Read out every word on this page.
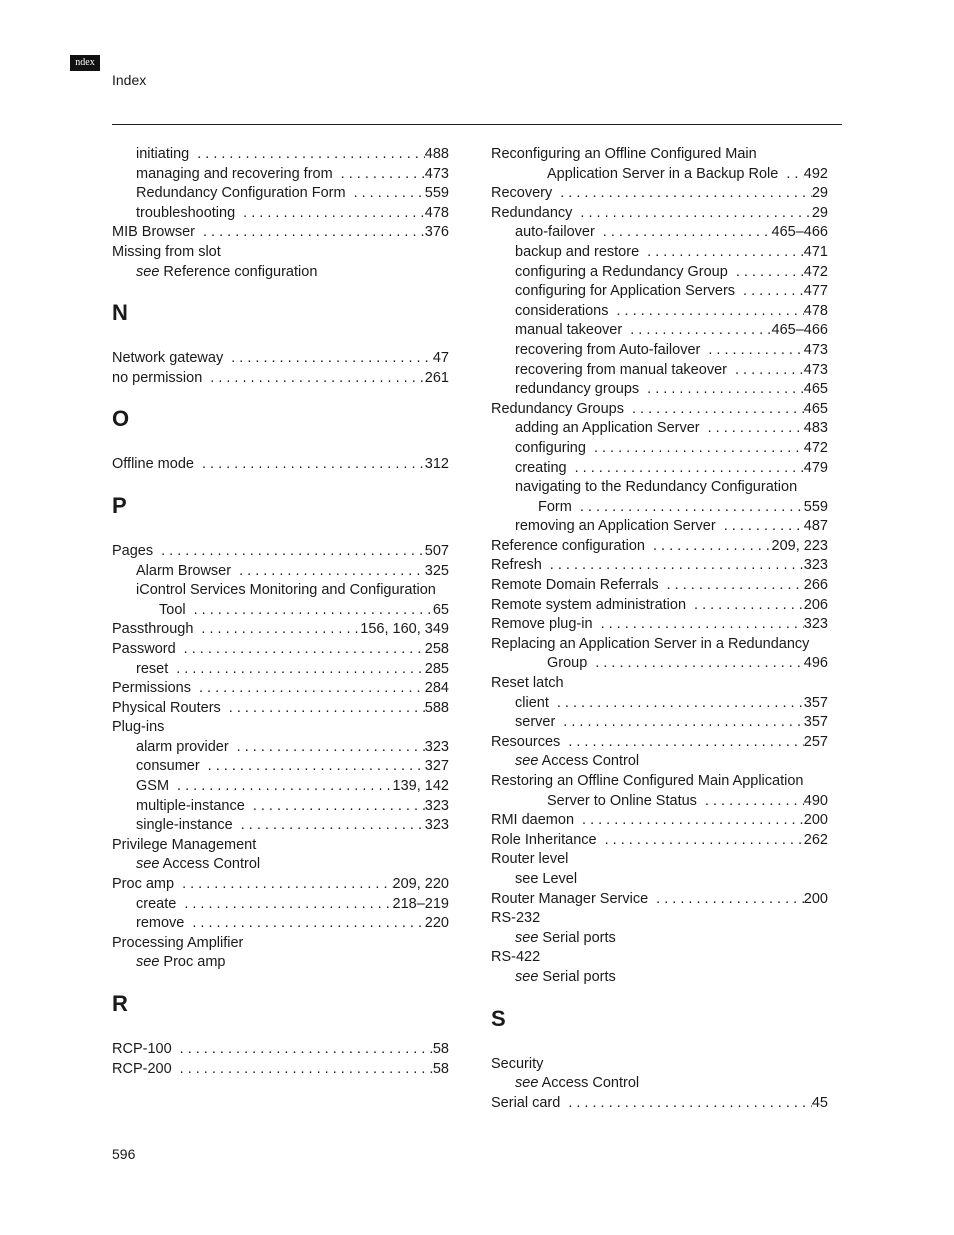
ndex
Index
initiating . . .	488
managing and recovering from . . .	473
Redundancy Configuration Form . . .	559
troubleshooting . . .	478
MIB Browser . . .	376
Missing from slot
see Reference configuration
N
Network gateway . . .	47
no permission . . .	261
O
Offline mode . . .	312
P
Pages . . .	507
Alarm Browser . . .	325
iControl Services Monitoring and Configuration
Tool . . .	65
Passthrough . . .	156, 160, 349
Password . . .	258
reset . . .	285
Permissions . . .	284
Physical Routers . . .	588
Plug-ins
alarm provider . . .	323
consumer . . .	327
GSM . . .	139, 142
multiple-instance . . .	323
single-instance . . .	323
Privilege Management
see Access Control
Proc amp . . .	209, 220
create . . .	218–219
remove . . .	220
Processing Amplifier
see Proc amp
R
RCP-100 . . .	58
RCP-200 . . .	58
Reconfiguring an Offline Configured Main
Application Server in a Backup Role . . . 492
Recovery . . .	29
Redundancy . . .	29
auto-failover . . .	465–466
backup and restore . . .	471
configuring a Redundancy Group . . .	472
configuring for Application Servers . . .	477
considerations . . .	478
manual takeover . . .	465–466
recovering from Auto-failover . . .	473
recovering from manual takeover . . .	473
redundancy groups . . .	465
Redundancy Groups . . .	465
adding an Application Server . . .	483
configuring . . .	472
creating . . .	479
navigating to the Redundancy Configuration
Form . . .	559
removing an Application Server . . .	487
Reference configuration . . .	209, 223
Refresh . . .	323
Remote Domain Referrals . . .	266
Remote system administration . . .	206
Remove plug-in . . .	323
Replacing an Application Server in a Redundancy
Group . . .	496
Reset latch
client . . .	357
server . . .	357
Resources . . .	257
see Access Control
Restoring an Offline Configured Main Application
Server to Online Status . . .	490
RMI daemon . . .	200
Role Inheritance . . .	262
Router level
see Level
Router Manager Service . . .	200
RS-232
see Serial ports
RS-422
see Serial ports
S
Security
see Access Control
Serial card . . .	45
596
